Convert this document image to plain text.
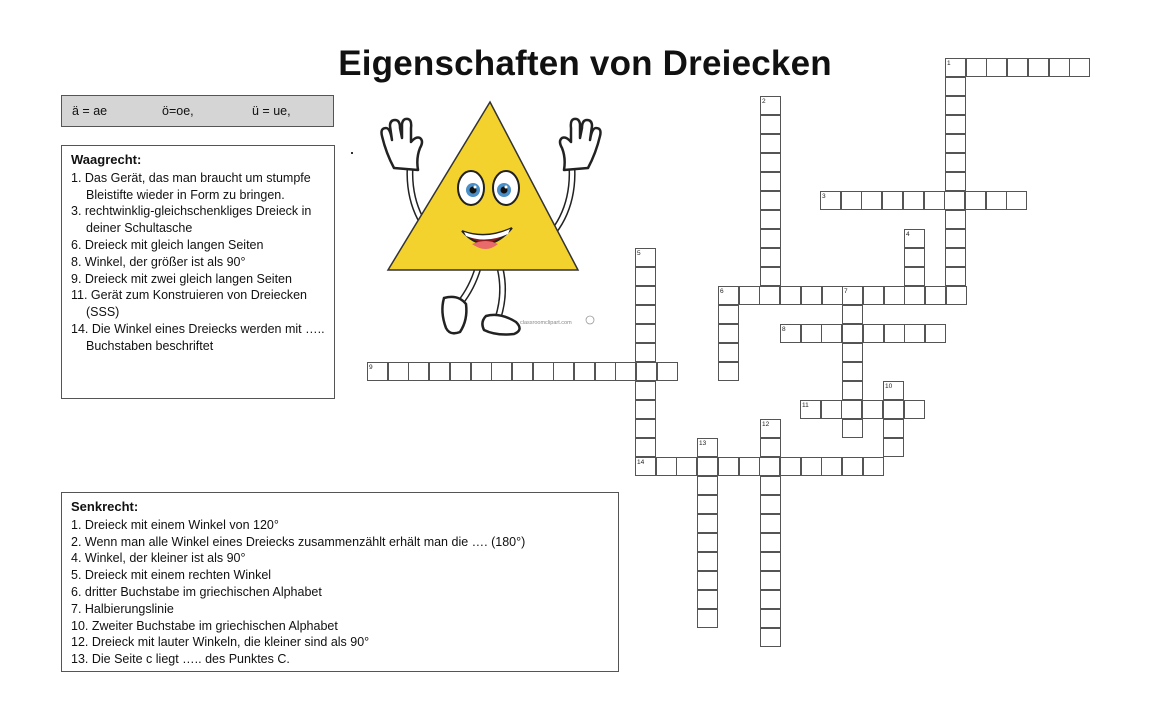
Eigenschaften von Dreiecken
ä = ae	ö=oe,	ü = ue,
Waagrecht:
1. Das Gerät, das man braucht um stumpfe Bleistifte wieder in Form zu bringen.
3. rechtwinklig-gleichschenkliges Dreieck in deiner Schultasche
6. Dreieck mit gleich langen Seiten
8. Winkel, der größer ist als 90°
9. Dreieck mit zwei gleich langen Seiten
11. Gerät zum Konstruieren von Dreiecken (SSS)
14. Die Winkel eines Dreiecks werden mit ….. Buchstaben beschriftet
Senkrecht:
1. Dreieck mit einem Winkel von 120°
2. Wenn man alle Winkel eines Dreiecks zusammenzählt erhält man die …. (180°)
4. Winkel, der kleiner ist als 90°
5. Dreieck mit einem rechten Winkel
6. dritter Buchstabe im griechischen Alphabet
7. Halbierungslinie
10. Zweiter Buchstabe im griechischen Alphabet
12. Dreieck mit lauter Winkeln, die kleiner sind als 90°
13. Die Seite c liegt ….. des Punktes C.
classroomclipart.com
1
2
3
4
5
6	7
8
9
10
11
12
13
14
